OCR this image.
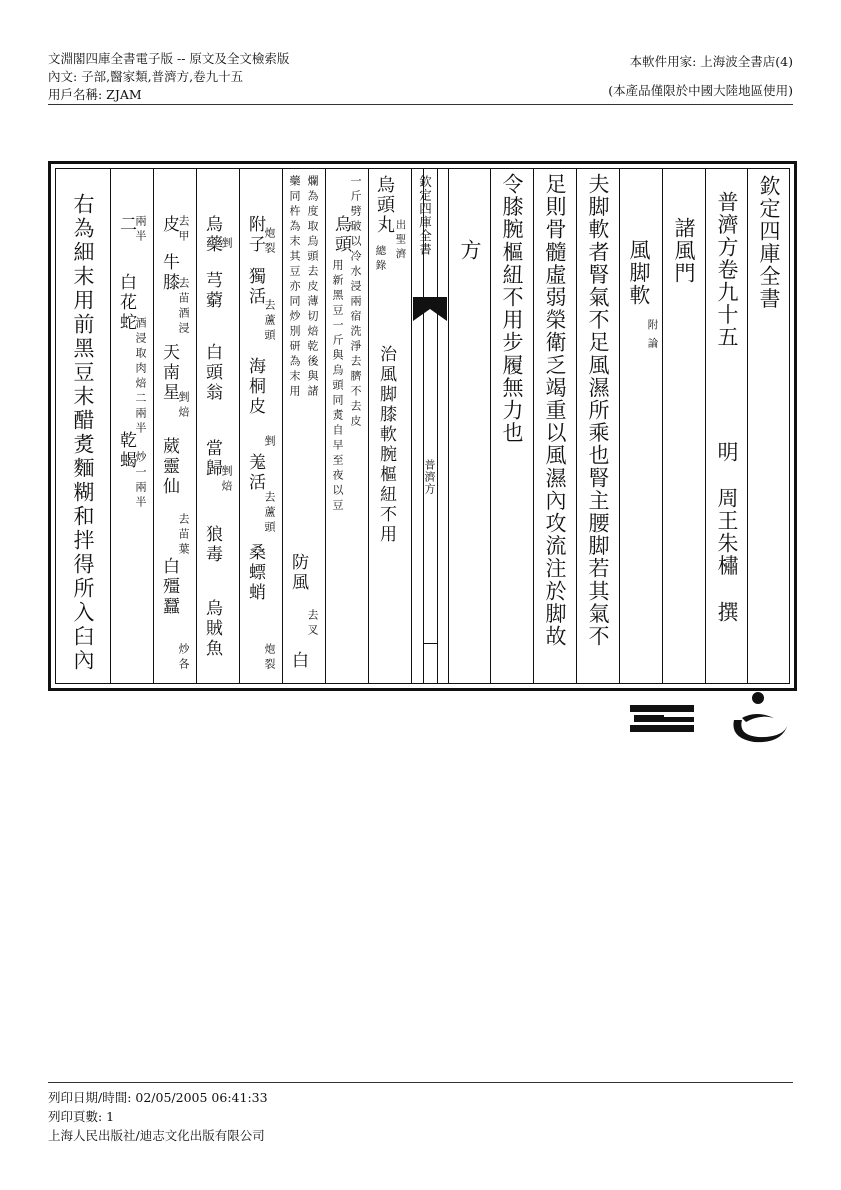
文淵閣四庫全書電子版 -- 原文及全文檢索版
內文: 子部,醫家類,普濟方,卷九十五
用戶名稱: ZJAM
本軟件用家: 上海波全書店(4)
(本產品僅限於中國大陸地區使用)
欽定四庫全書
普濟方卷九十五
明
周王朱橚
撰
諸風門
風脚軟
附論
夫脚軟者腎氣不足風濕所乘也腎主腰脚若其氣不
足則骨髓虛弱榮衛乏竭重以風濕內攻流注於脚故
令膝腕樞紐不用步履無力也
方
欽定四庫全書
普濟方
烏頭丸
出聖濟
總錄
治風脚膝軟腕樞紐不用
烏頭
一斤劈破以冷水浸兩宿洗淨去臍不去皮
用新黑豆一斤與烏頭同煑自早至夜以豆
爛為度取烏頭去皮薄切焙乾後與諸
藥同杵為末其豆亦同炒別研為末用
防風
去叉
白
附子
炮裂
獨活
去蘆頭
海桐皮
剉
羗活
去蘆頭
桑螵蛸
炮裂
烏藥
剉
芎藭
白頭翁
當歸
剉焙
狼毒
烏賊魚
皮
去甲
牛膝
去苗酒浸
天南星
剉焙
葳靈仙
去苗葉
白殭蠶
炒各
二
兩半
白花蛇
酒浸取肉焙二兩半
乾蝎
炒一兩半
右為細末用前黑豆末醋煑麵糊和拌得所入臼內
列印日期/時間: 02/05/2005 06:41:33
列印頁數: 1
上海人民出版社/迪志文化出版有限公司
